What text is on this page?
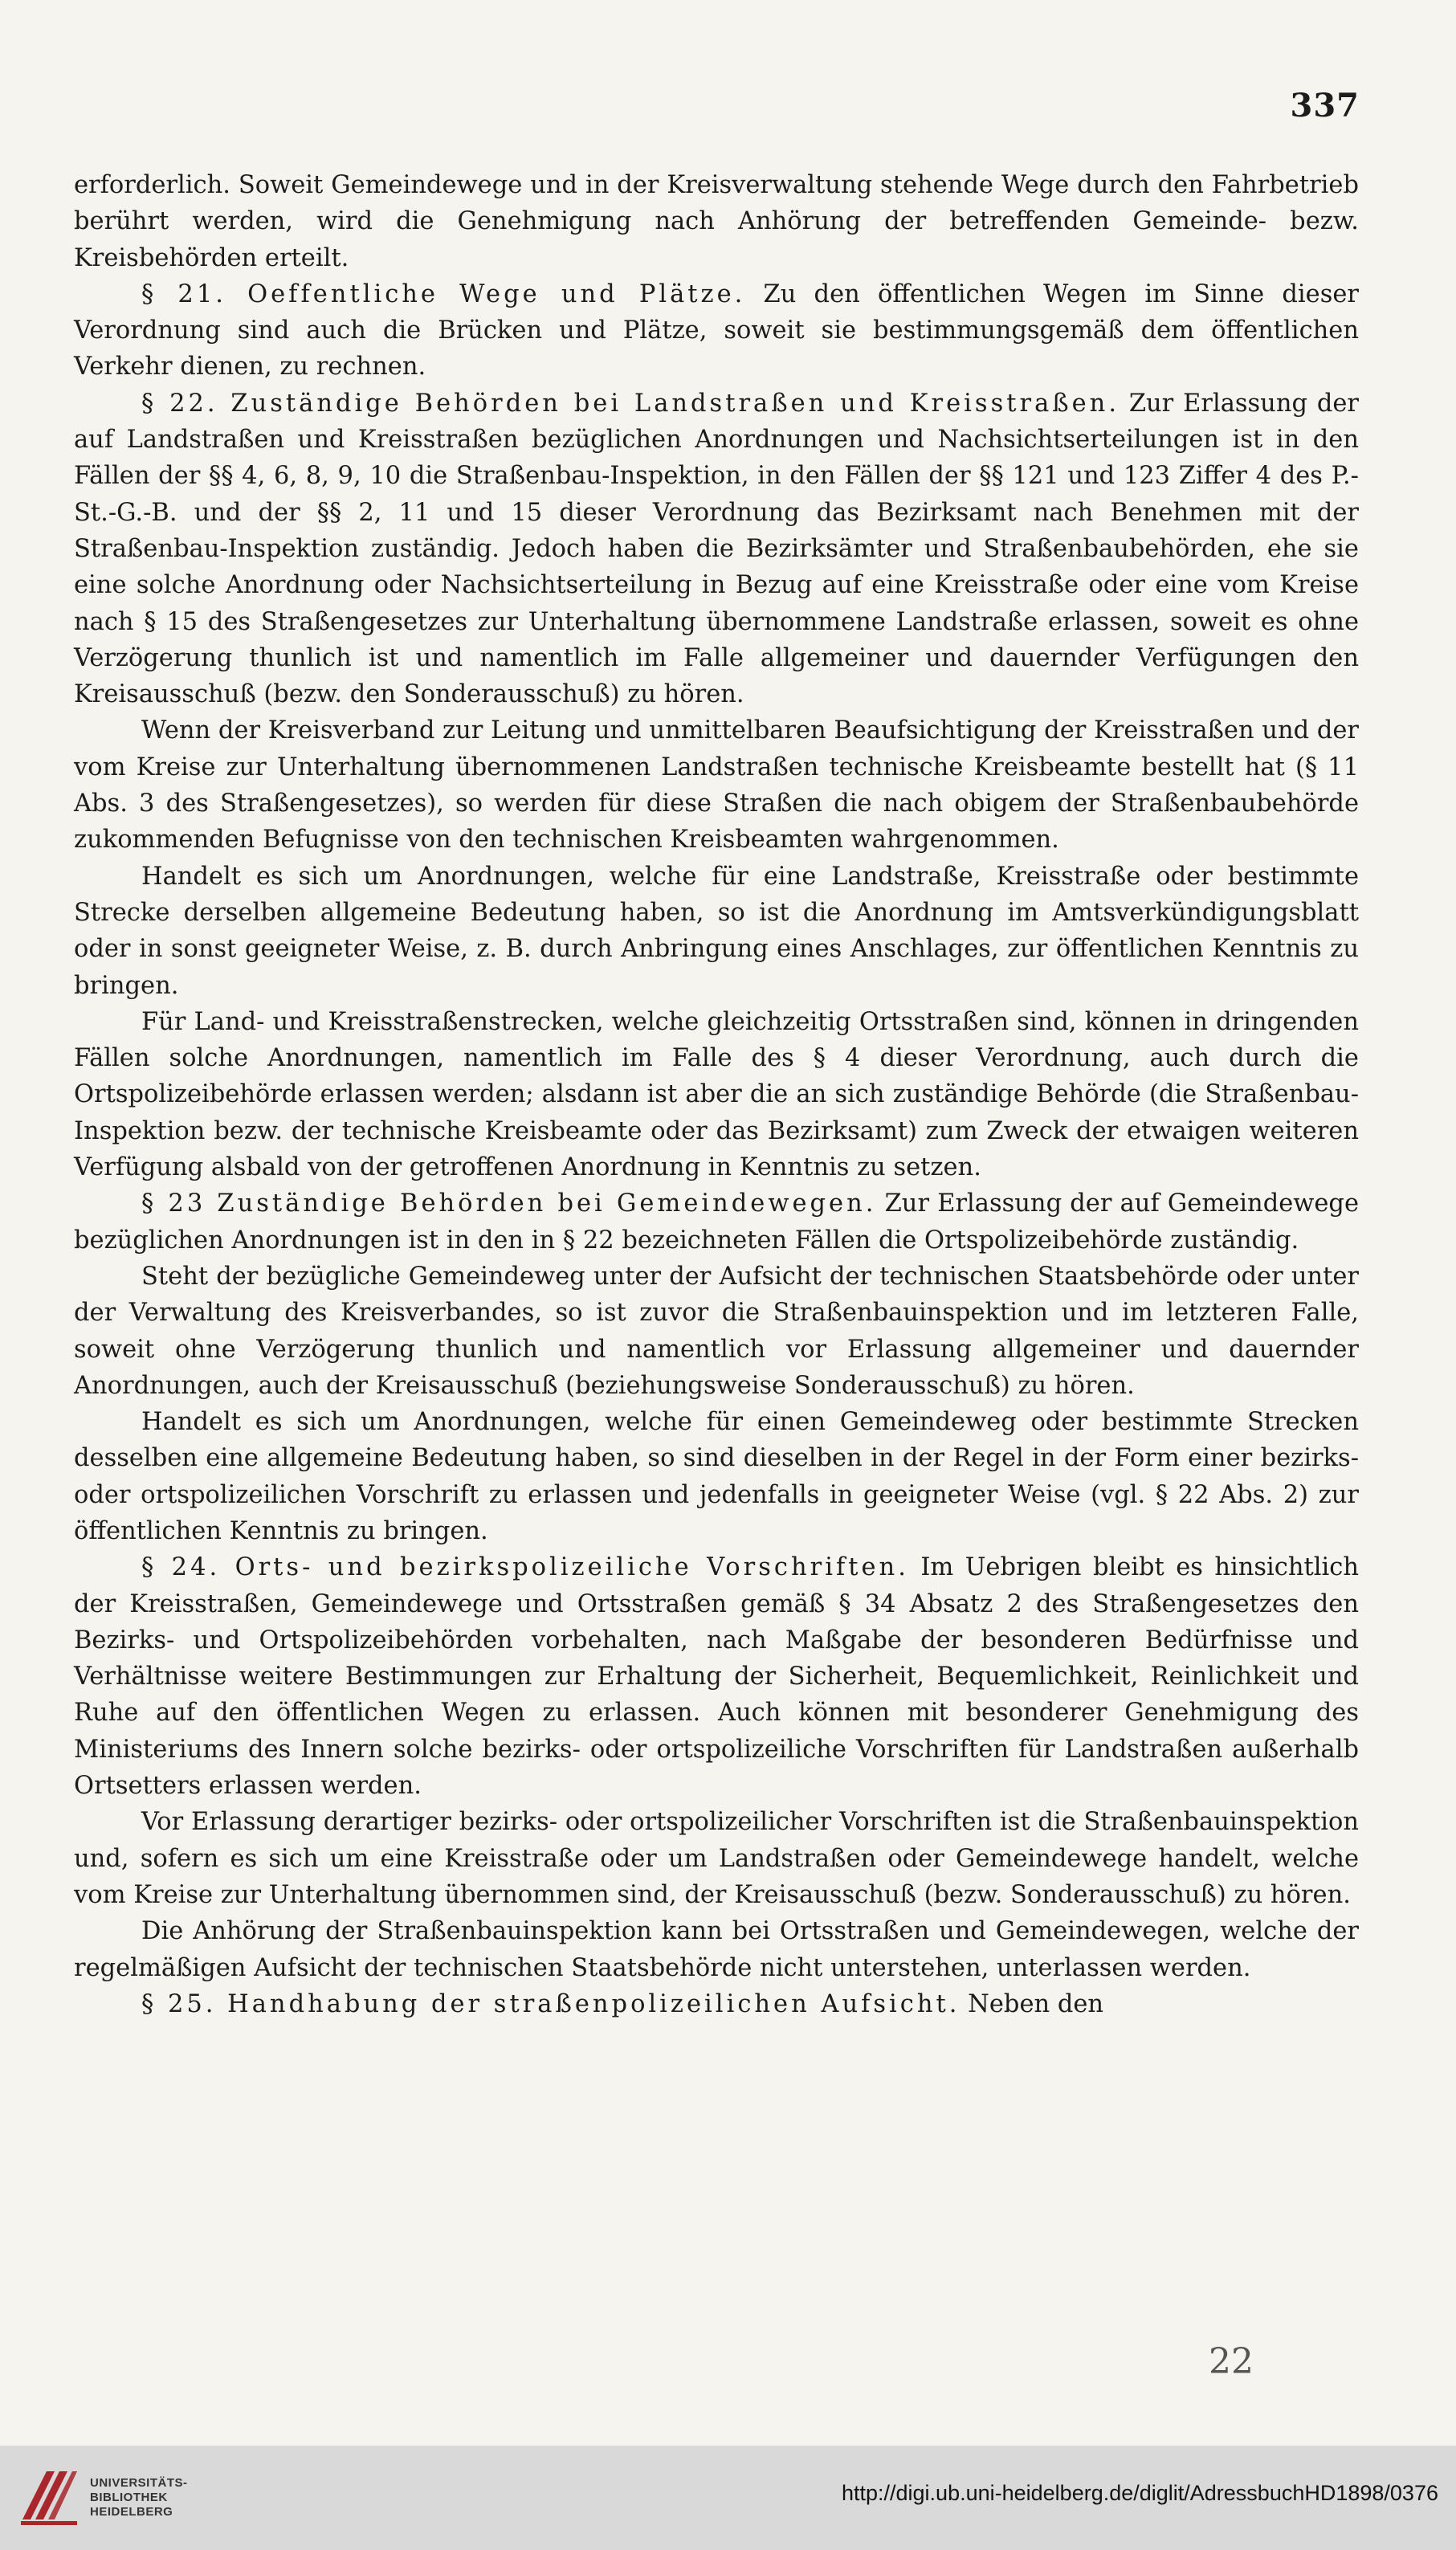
337

erforderlich. Soweit Gemeindewege und in der Kreisverwaltung stehende Wege durch den Fahrbetrieb berührt werden, wird die Genehmigung nach Anhörung der betreffenden Gemeinde- bezw. Kreisbehörden erteilt.

§ 21. Oeffentliche Wege und Plätze. Zu den öffentlichen Wegen im Sinne dieser Verordnung sind auch die Brücken und Plätze, soweit sie bestimmungsgemäß dem öffentlichen Verkehr dienen, zu rechnen.

§ 22. Zuständige Behörden bei Landstraßen und Kreisstraßen. Zur Erlassung der auf Landstraßen und Kreisstraßen bezüglichen Anordnungen und Nachsichtserteilungen ist in den Fällen der §§ 4, 6, 8, 9, 10 die Straßenbau-Inspektion, in den Fällen der §§ 121 und 123 Ziffer 4 des P.-St.-G.-B. und der §§ 2, 11 und 15 dieser Verordnung das Bezirksamt nach Benehmen mit der Straßenbau-Inspektion zuständig. Jedoch haben die Bezirksämter und Straßenbaubehörden, ehe sie eine solche Anordnung oder Nachsichtserteilung in Bezug auf eine Kreisstraße oder eine vom Kreise nach § 15 des Straßengesetzes zur Unterhaltung übernommene Landstraße erlassen, soweit es ohne Verzögerung thunlich ist und namentlich im Falle allgemeiner und dauernder Verfügungen den Kreisausschuß (bezw. den Sonderausschuß) zu hören.

Wenn der Kreisverband zur Leitung und unmittelbaren Beaufsichtigung der Kreisstraßen und der vom Kreise zur Unterhaltung übernommenen Landstraßen technische Kreisbeamte bestellt hat (§ 11 Abs. 3 des Straßengesetzes), so werden für diese Straßen die nach obigem der Straßenbaubehörde zukommenden Befugnisse von den technischen Kreisbeamten wahrgenommen.

Handelt es sich um Anordnungen, welche für eine Landstraße, Kreisstraße oder bestimmte Strecke derselben allgemeine Bedeutung haben, so ist die Anordnung im Amtsverkündigungsblatt oder in sonst geeigneter Weise, z. B. durch Anbringung eines Anschlages, zur öffentlichen Kenntnis zu bringen.

Für Land- und Kreisstraßenstrecken, welche gleichzeitig Ortsstraßen sind, können in dringenden Fällen solche Anordnungen, namentlich im Falle des § 4 dieser Verordnung, auch durch die Ortspolizeibehörde erlassen werden; alsdann ist aber die an sich zuständige Behörde (die Straßenbau-Inspektion bezw. der technische Kreisbeamte oder das Bezirksamt) zum Zweck der etwaigen weiteren Verfügung alsbald von der getroffenen Anordnung in Kenntnis zu setzen.

§ 23 Zuständige Behörden bei Gemeindewegen. Zur Erlassung der auf Gemeindewege bezüglichen Anordnungen ist in den in § 22 bezeichneten Fällen die Ortspolizeibehörde zuständig.

Steht der bezügliche Gemeindeweg unter der Aufsicht der technischen Staatsbehörde oder unter der Verwaltung des Kreisverbandes, so ist zuvor die Straßenbauinspektion und im letzteren Falle, soweit ohne Verzögerung thunlich und namentlich vor Erlassung allgemeiner und dauernder Anordnungen, auch der Kreisausschuß (beziehungsweise Sonderausschuß) zu hören.

Handelt es sich um Anordnungen, welche für einen Gemeindeweg oder bestimmte Strecken desselben eine allgemeine Bedeutung haben, so sind dieselben in der Regel in der Form einer bezirks- oder ortspolizeilichen Vorschrift zu erlassen und jedenfalls in geeigneter Weise (vgl. § 22 Abs. 2) zur öffentlichen Kenntnis zu bringen.

§ 24. Orts- und bezirkspolizeiliche Vorschriften. Im Uebrigen bleibt es hinsichtlich der Kreisstraßen, Gemeindewege und Ortsstraßen gemäß § 34 Absatz 2 des Straßengesetzes den Bezirks- und Ortspolizeibehörden vorbehalten, nach Maßgabe der besonderen Bedürfnisse und Verhältnisse weitere Bestimmungen zur Erhaltung der Sicherheit, Bequemlichkeit, Reinlichkeit und Ruhe auf den öffentlichen Wegen zu erlassen. Auch können mit besonderer Genehmigung des Ministeriums des Innern solche bezirks- oder ortspolizeiliche Vorschriften für Landstraßen außerhalb Ortsetters erlassen werden.

Vor Erlassung derartiger bezirks- oder ortspolizeilicher Vorschriften ist die Straßenbauinspektion und, sofern es sich um eine Kreisstraße oder um Landstraßen oder Gemeindewege handelt, welche vom Kreise zur Unterhaltung übernommen sind, der Kreisausschuß (bezw. Sonderausschuß) zu hören.

Die Anhörung der Straßenbauinspektion kann bei Ortsstraßen und Gemeindewegen, welche der regelmäßigen Aufsicht der technischen Staatsbehörde nicht unterstehen, unterlassen werden.

§ 25. Handhabung der straßenpolizeilichen Aufsicht. Neben den

22
UNIVERSITÄTS-
BIBLIOTHEK
HEIDELBERG
http://digi.ub.uni-heidelberg.de/diglit/AdressbuchHD1898/0376
